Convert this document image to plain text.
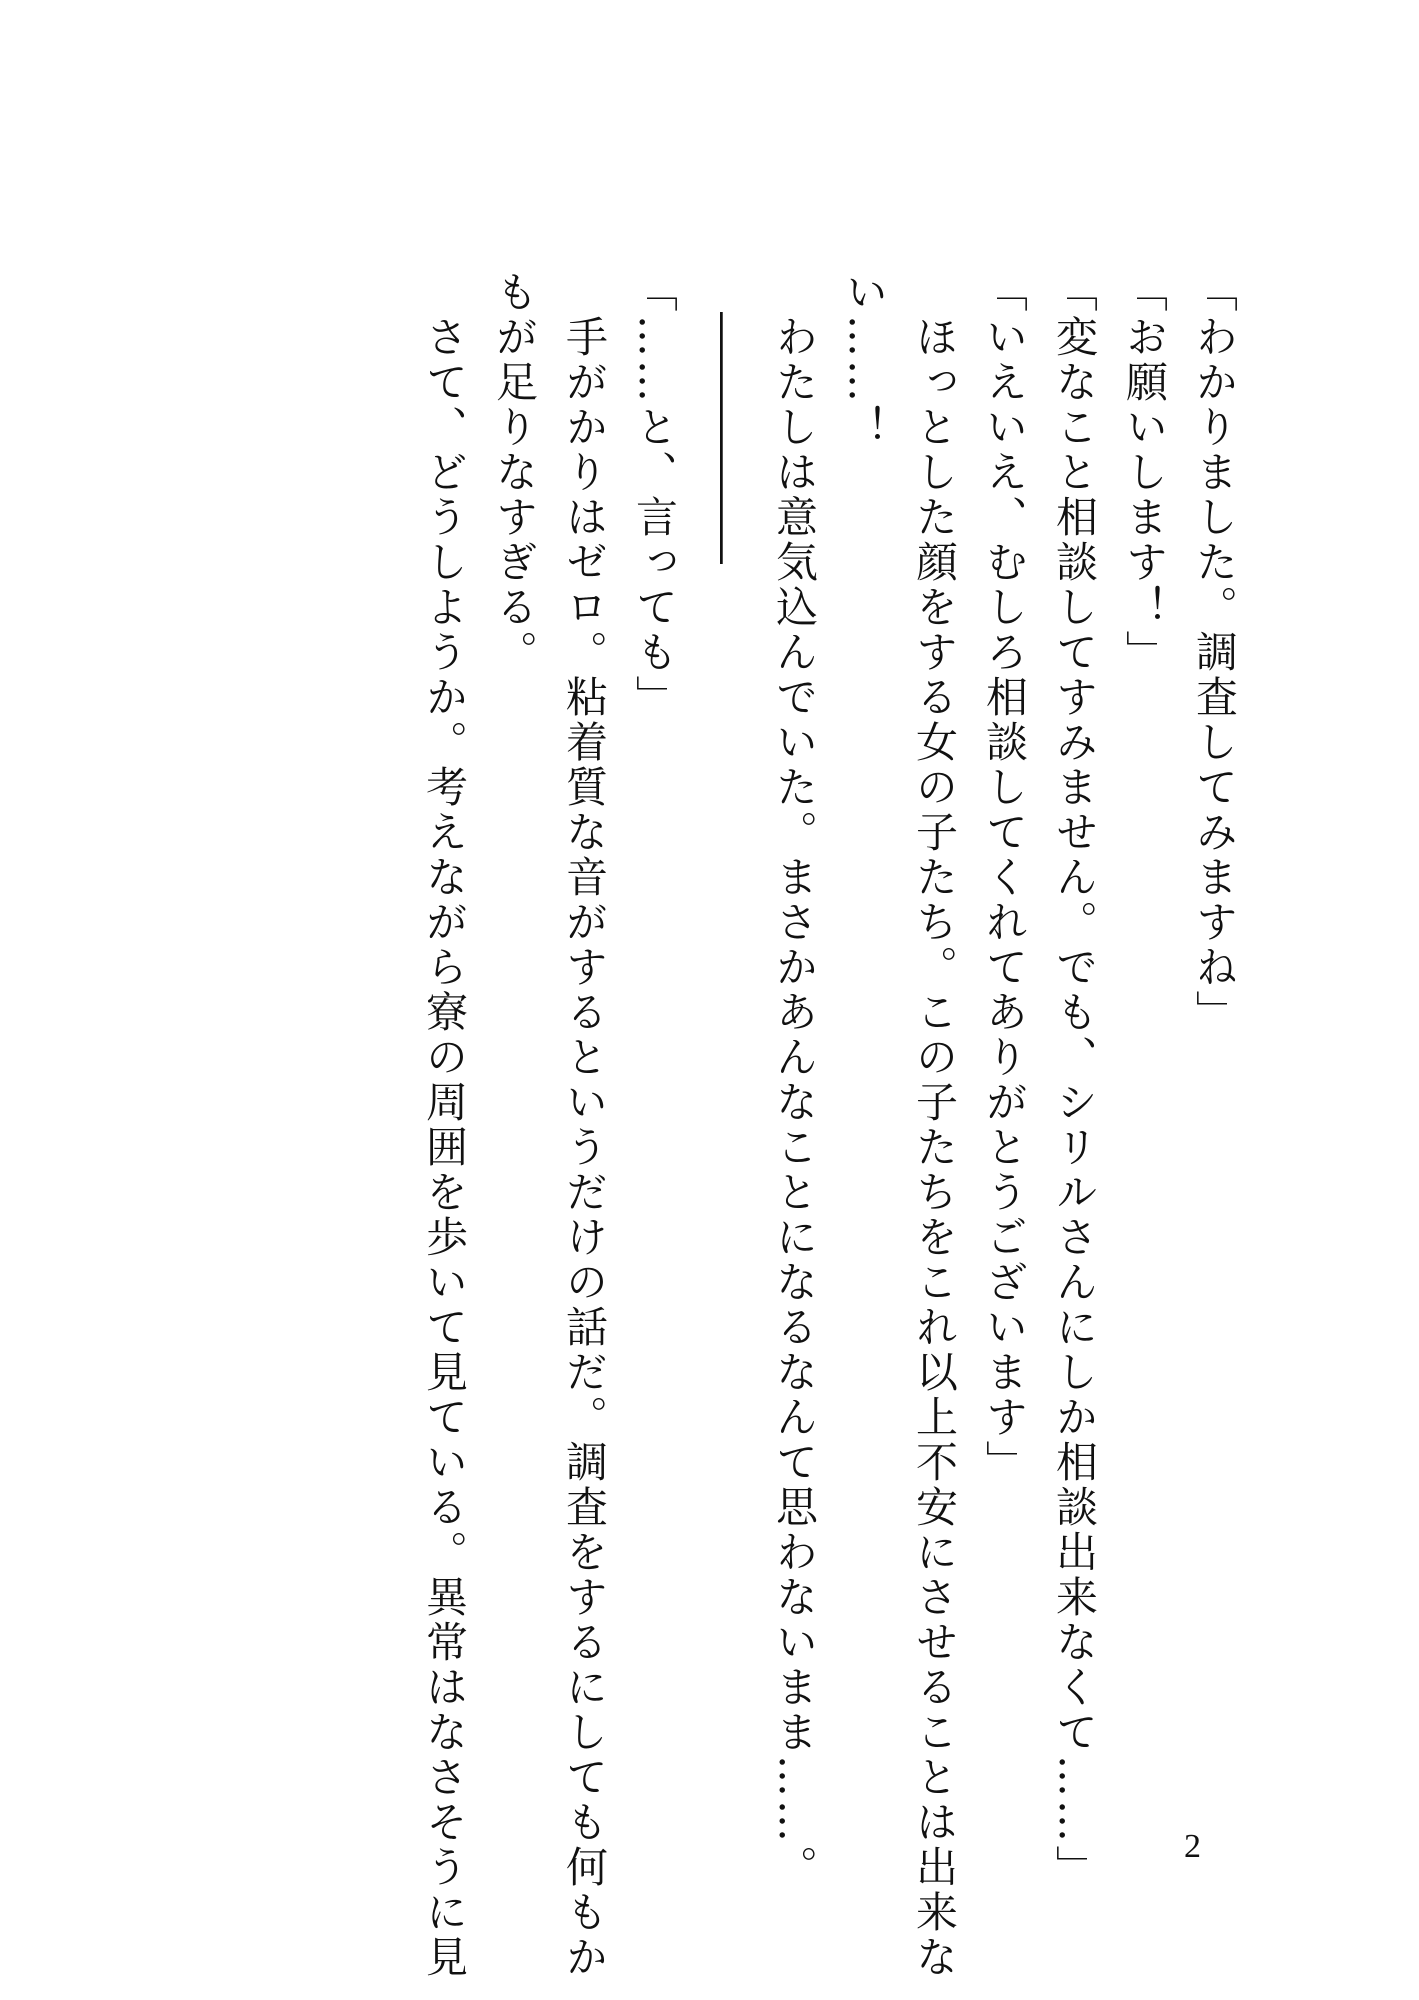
「わかりました。調査してみますね」
「お願いします！」
「変なこと相談してすみません。でも、シリルさんにしか相談出来なくて……」
「いえいえ、むしろ相談してくれてありがとうございます」
　ほっとした顔をする女の子たち。この子たちをこれ以上不安にさせることは出来な
い……！
　わたしは意気込んでいた。まさかあんなことになるなんて思わないまま……。
　――――――
「……と、言っても」
　手がかりはゼロ。粘着質な音がするというだけの話だ。調査をするにしても何もか
もが足りなすぎる。
　さて、どうしようか。考えながら寮の周囲を歩いて見ている。異常はなさそうに見	2
